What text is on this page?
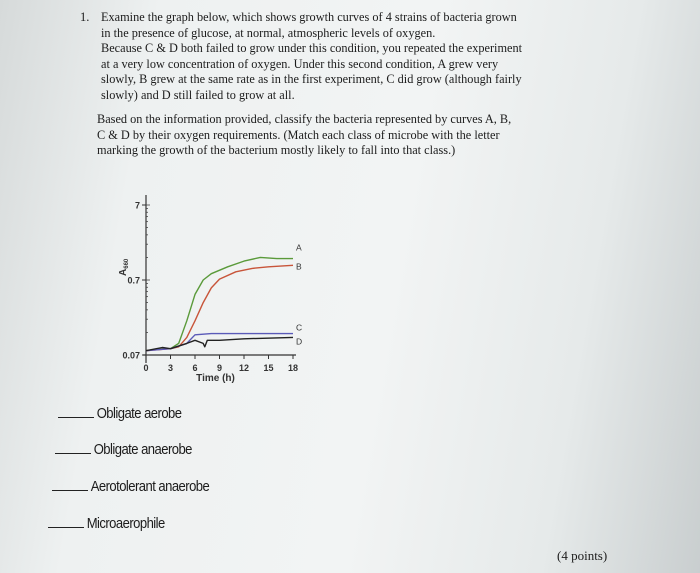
1. Examine the graph below, which shows growth curves of 4 strains of bacteria grown
in the presence of glucose, at normal, atmospheric levels of oxygen.
Because C & D both failed to grow under this condition, you repeated the experiment
at a very low concentration of oxygen. Under this second condition, A grew very
slowly, B grew at the same rate as in the first experiment, C did grow (although fairly
slowly) and D still failed to grow at all.
Based on the information provided, classify the bacteria represented by curves A, B,
C & D by their oxygen requirements. (Match each class of microbe with the letter
marking the growth of the bacterium mostly likely to fall into that class.)
7
0.7
0.07
0 3 6 9 12 15 18
Time (h)
$A_{660}$
A
B
C
D
Obligate aerobe
Obligate anaerobe
Aerotolerant anaerobe
Microaerophile
(4 points)
